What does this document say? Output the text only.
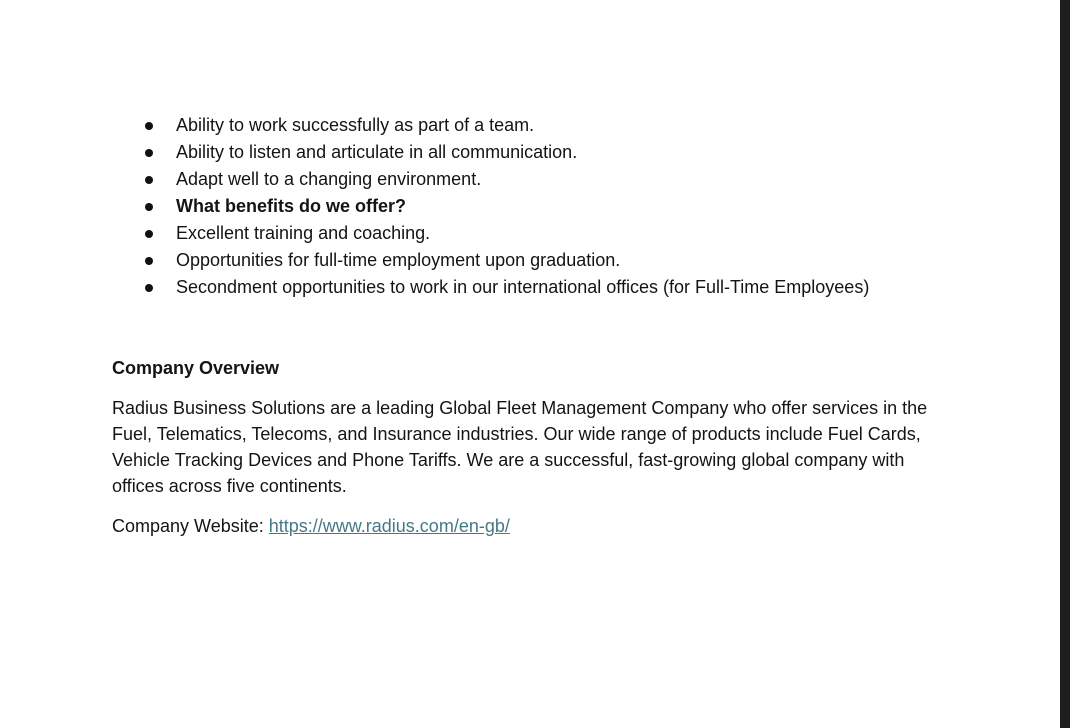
Ability to work successfully as part of a team.
Ability to listen and articulate in all communication.
Adapt well to a changing environment.
What benefits do we offer?
Excellent training and coaching.
Opportunities for full-time employment upon graduation.
Secondment opportunities to work in our international offices (for Full-Time Employees)
Company Overview

Radius Business Solutions are a leading Global Fleet Management Company who offer services in the Fuel, Telematics, Telecoms, and Insurance industries. Our wide range of products include Fuel Cards, Vehicle Tracking Devices and Phone Tariffs. We are a successful, fast-growing global company with offices across five continents.

Company Website: https://www.radius.com/en-gb/
